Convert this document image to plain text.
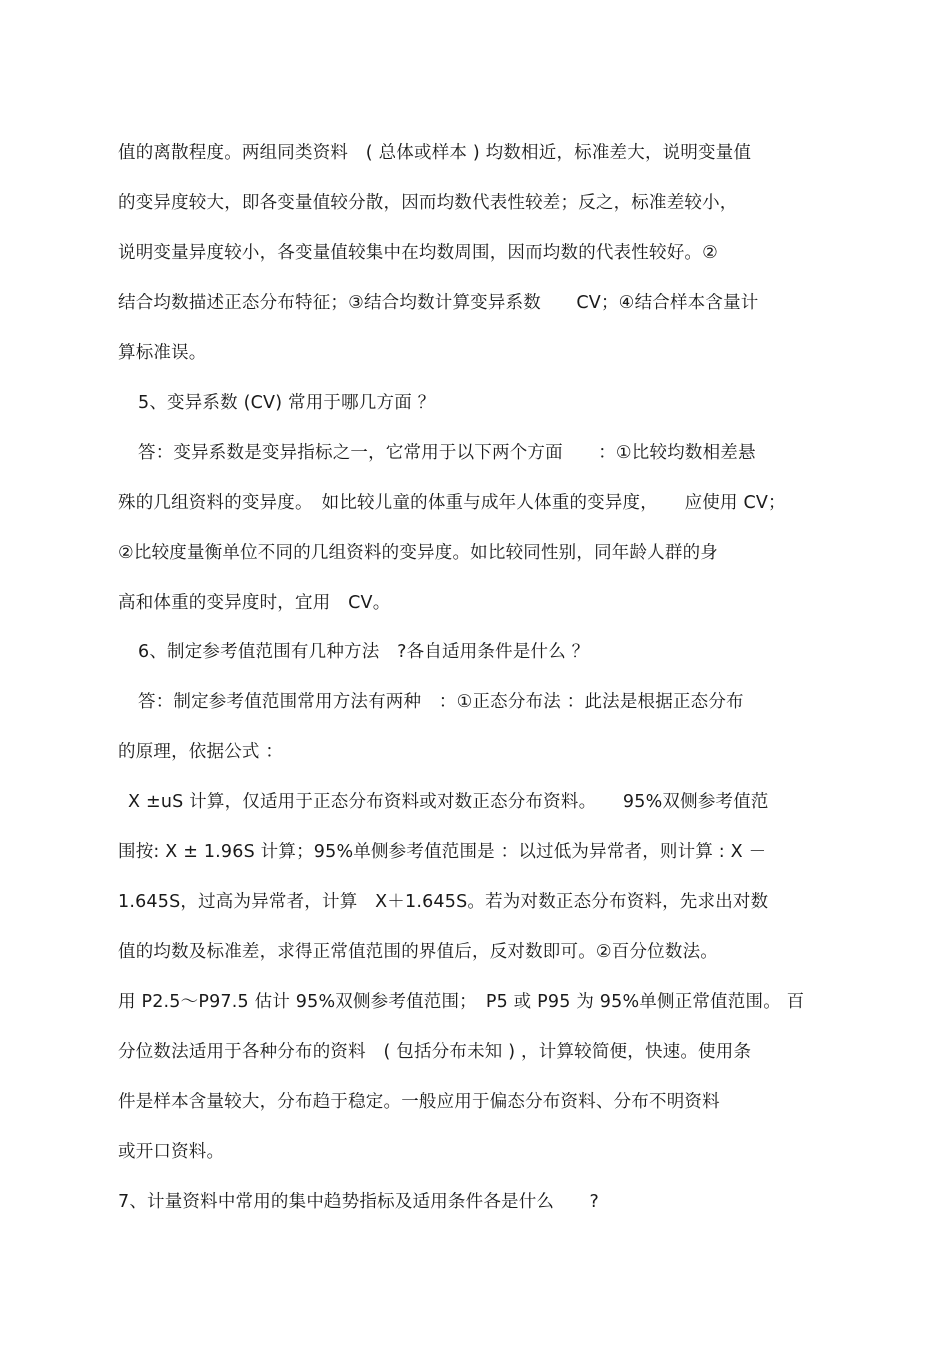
值的离散程度。两组同类资料　( 总体或样本 ) 均数相近，标准差大，说明变量值
的变异度较大，即各变量值较分散，因而均数代表性较差；反之，标准差较小，
说明变量异度较小，各变量值较集中在均数周围，因而均数的代表性较好。②
结合均数描述正态分布特征；③结合均数计算变异系数　　CV；④结合样本含量计
算标准误。
5、变异系数 (CV) 常用于哪几方面 ？
答：变异系数是变异指标之一，它常用于以下两个方面　　：①比较均数相差悬
殊的几组资料的变异度。　如比较儿童的体重与成年人体重的变异度，　　应使用 CV；
②比较度量衡单位不同的几组资料的变异度。如比较同性别，同年龄人群的身
高和体重的变异度时，宜用　CV。
6、制定参考值范围有几种方法　?各自适用条件是什么 ？
答：制定参考值范围常用方法有两种　：①正态分布法 ：此法是根据正态分布
的原理，依据公式 ：
X ±uS 计算，仅适用于正态分布资料或对数正态分布资料。　　95%双侧参考值范
围按: X ± 1.96S 计算；95%单侧参考值范围是 ：以过低为异常者，则计算 : X －
1.645S，过高为异常者，计算　X＋1.645S。若为对数正态分布资料，先求出对数
值的均数及标准差，求得正常值范围的界值后，反对数即可。②百分位数法。
用 P2.5～P97.5 估计 95%双侧参考值范围；　P5 或 P95 为 95%单侧正常值范围。 百
分位数法适用于各种分布的资料　( 包括分布未知 ) ，计算较简便，快速。使用条
件是样本含量较大，分布趋于稳定。一般应用于偏态分布资料、分布不明资料
或开口资料。
7、计量资料中常用的集中趋势指标及适用条件各是什么　　?
